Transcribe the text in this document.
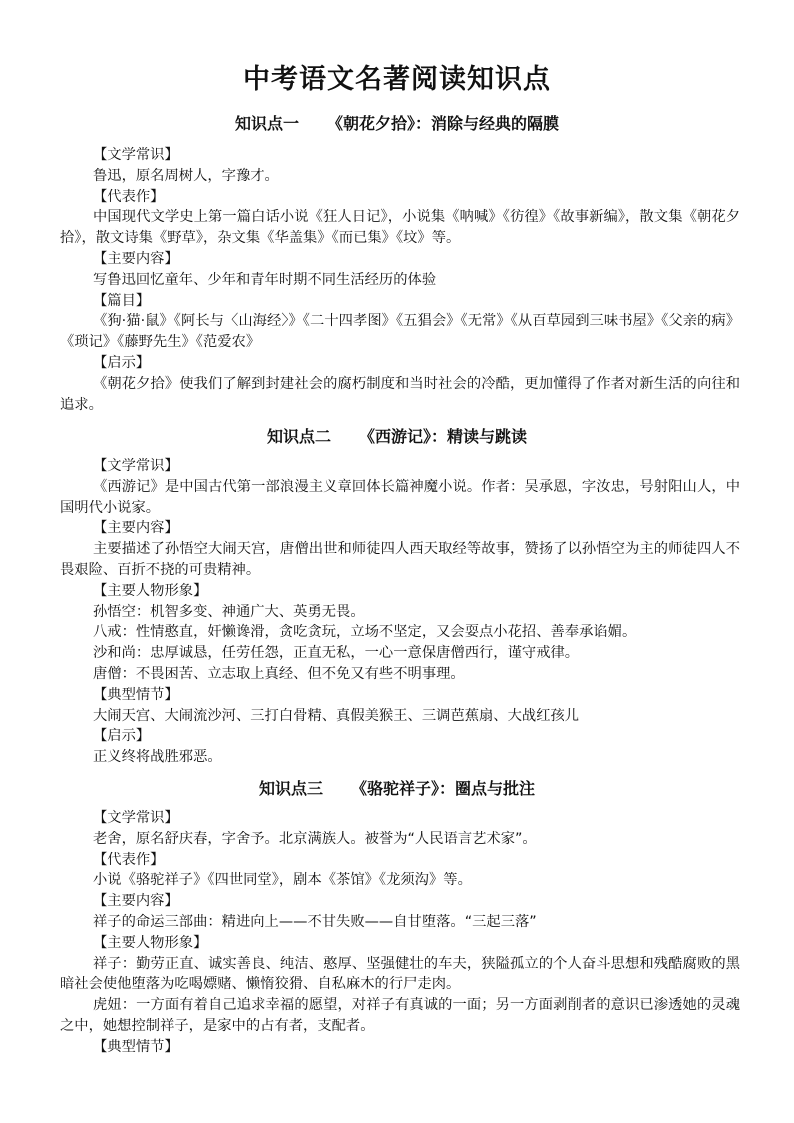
中考语文名著阅读知识点
知识点一 《朝花夕拾》：消除与经典的隔膜
【文学常识】
鲁迅，原名周树人，字豫才。
【代表作】
中国现代文学史上第一篇白话小说《狂人日记》，小说集《呐喊》《彷徨》《故事新编》，散文集《朝花夕拾》，散文诗集《野草》，杂文集《华盖集》《而已集》《坟》等。
【主要内容】
写鲁迅回忆童年、少年和青年时期不同生活经历的体验
【篇目】
《狗·猫·鼠》《阿长与〈山海经〉》《二十四孝图》《五猖会》《无常》《从百草园到三味书屋》《父亲的病》《琐记》《藤野先生》《范爱农》
【启示】
《朝花夕拾》使我们了解到封建社会的腐朽制度和当时社会的冷酷，更加懂得了作者对新生活的向往和追求。
知识点二 《西游记》：精读与跳读
【文学常识】
《西游记》是中国古代第一部浪漫主义章回体长篇神魔小说。作者：吴承恩，字汝忠，号射阳山人，中国明代小说家。
【主要内容】
主要描述了孙悟空大闹天宫，唐僧出世和师徒四人西天取经等故事，赞扬了以孙悟空为主的师徒四人不畏艰险、百折不挠的可贵精神。
【主要人物形象】
孙悟空：机智多变、神通广大、英勇无畏。
八戒：性情憨直，奸懒谗滑，贪吃贪玩，立场不坚定，又会耍点小花招、善奉承谄媚。
沙和尚：忠厚诚恳，任劳任怨，正直无私，一心一意保唐僧西行，谨守戒律。
唐僧：不畏困苦、立志取上真经、但不免又有些不明事理。
【典型情节】
大闹天宫、大闹流沙河、三打白骨精、真假美猴王、三调芭蕉扇、大战红孩儿
【启示】
正义终将战胜邪恶。
知识点三 《骆驼祥子》：圈点与批注
【文学常识】
老舍，原名舒庆春，字舍予。北京满族人。被誉为“人民语言艺术家”。
【代表作】
小说《骆驼祥子》《四世同堂》，剧本《茶馆》《龙须沟》等。
【主要内容】
祥子的命运三部曲：精进向上——不甘失败——自甘堕落。“三起三落”
【主要人物形象】
祥子：勤劳正直、诚实善良、纯洁、憨厚、坚强健壮的车夫，狭隘孤立的个人奋斗思想和残酷腐败的黑暗社会使他堕落为吃喝嫖赌、懒惰狡猾、自私麻木的行尸走肉。
虎妞：一方面有着自己追求幸福的愿望，对祥子有真诚的一面；另一方面剥削者的意识已渗透她的灵魂之中，她想控制祥子，是家中的占有者，支配者。
【典型情节】
